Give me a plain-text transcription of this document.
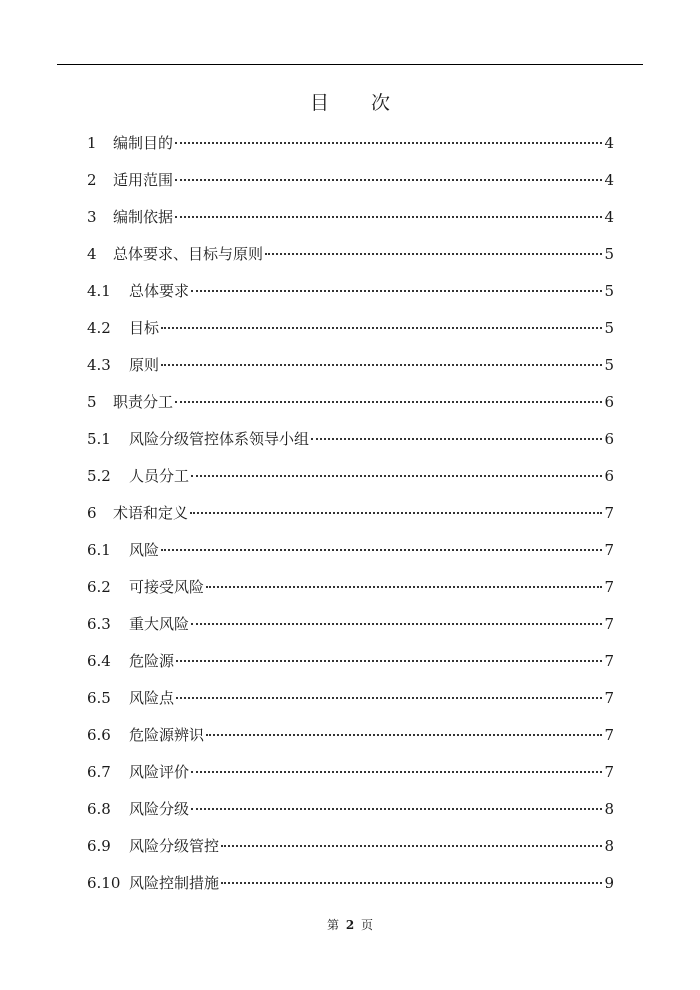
目 次
1	编制目的	4
2	适用范围	4
3	编制依据	4
4	总体要求、目标与原则	5
4.1	总体要求	5
4.2	目标	5
4.3	原则	5
5	职责分工	6
5.1	风险分级管控体系领导小组	6
5.2	人员分工	6
6	术语和定义	7
6.1	风险	7
6.2	可接受风险	7
6.3	重大风险	7
6.4	危险源	7
6.5	风险点	7
6.6	危险源辨识	7
6.7	风险评价	7
6.8	风险分级	8
6.9	风险分级管控	8
6.10 风险控制措施	9
第 2 页
